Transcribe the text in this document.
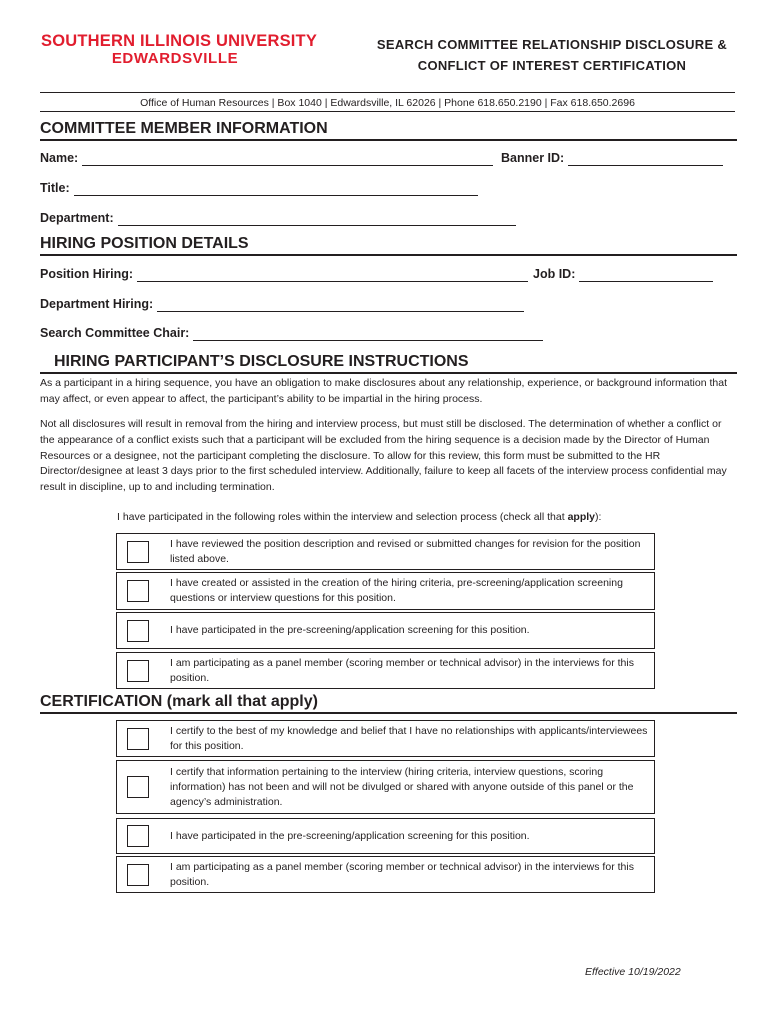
SOUTHERN ILLINOIS UNIVERSITY
EDWARDSVILLE
SEARCH COMMITTEE RELATIONSHIP DISCLOSURE &
CONFLICT OF INTEREST CERTIFICATION
Office of Human Resources | Box 1040 | Edwardsville, IL 62026 | Phone 618.650.2190 | Fax 618.650.2696
COMMITTEE MEMBER INFORMATION
Name:	Banner ID:
Title:
Department:
HIRING POSITION DETAILS
Position Hiring:	Job ID:
Department Hiring:
Search Committee Chair:
HIRING PARTICIPANT’S DISCLOSURE INSTRUCTIONS
As a participant in a hiring sequence, you have an obligation to make disclosures about any relationship, experience, or background information that may affect, or even appear to affect, the participant’s ability to be impartial in the hiring process.
Not all disclosures will result in removal from the hiring and interview process, but must still be disclosed. The determination of whether a conflict or the appearance of a conflict exists such that a participant will be excluded from the hiring sequence is a decision made by the Director of Human Resources or a designee, not the participant completing the disclosure. To allow for this review, this form must be submitted to the HR Director/designee at least 3 days prior to the first scheduled interview. Additionally, failure to keep all facets of the interview process confidential may result in discipline, up to and including termination.
I have participated in the following roles within the interview and selection process (check all that apply):
I have reviewed the position description and revised or submitted changes for revision for the position listed above.
I have created or assisted in the creation of the hiring criteria, pre-screening/application screening questions or interview questions for this position.
I have participated in the pre-screening/application screening for this position.
I am participating as a panel member (scoring member or technical advisor) in the interviews for this position.
CERTIFICATION (mark all that apply)
I certify to the best of my knowledge and belief that I have no relationships with applicants/interviewees for this position.
I certify that information pertaining to the interview (hiring criteria, interview questions, scoring information) has not been and will not be divulged or shared with anyone outside of this panel or the agency’s administration.
I have participated in the pre-screening/application screening for this position.
I am participating as a panel member (scoring member or technical advisor) in the interviews for this position.
Effective 10/19/2022
